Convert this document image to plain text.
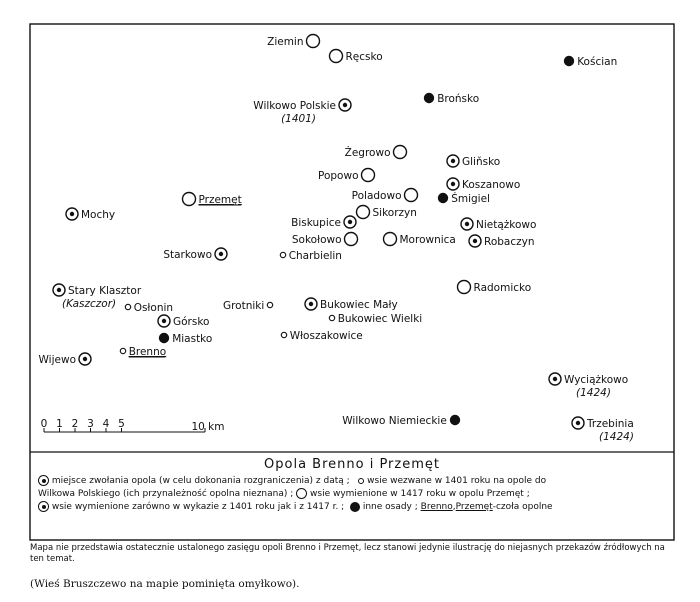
0 1 2 3 4 5	10 km
Ziemin
Ręcsko	Kościan
Wilkowo Polskie
(1401)
Brońsko
Żegrowo
Gliňsko
Popowo
Koszanowo
Poladowo	Śmigiel
Przemęt
Sikorzyn
Mochy
Biskupice	Nietążkowo
Sokołowo	Morownica	Robaczyn
Starkowo	Charbielin
Radomicko
Stary Klasztor
(Kaszczor) Osłonin	Grotniki	Bukowiec Mały
Bukowiec Wielki
Górsko
Włoszakowice
Miastko
Brenno
Wijewo
Wyciążkowo
(1424)
Wilkowo Niemieckie	Trzebinia
(1424)
Opola Brenno i Przemęt
miejsce zwołania opola (w celu dokonania rozgraniczenia) z datą ; wsie wezwane w 1401 roku na opole do
Wilkowa Polskiego (ich przynależność opolna nieznana) ; wsie wymienione w 1417 roku w opolu Przemęt ;
wsie wymienione zarówno w wykazie z 1401 roku jak i z 1417 r. ; inne osady ; Brenno,Przemęt-czoła opolne
Mapa nie przedstawia ostatecznie ustalonego zasięgu opoli Brenno i Przemęt, lecz stanowi jedynie ilustrację do niejasnych przekazów źródłowych na ten temat.
(Wieś Bruszczewo na mapie pominięta omyłkowo).
